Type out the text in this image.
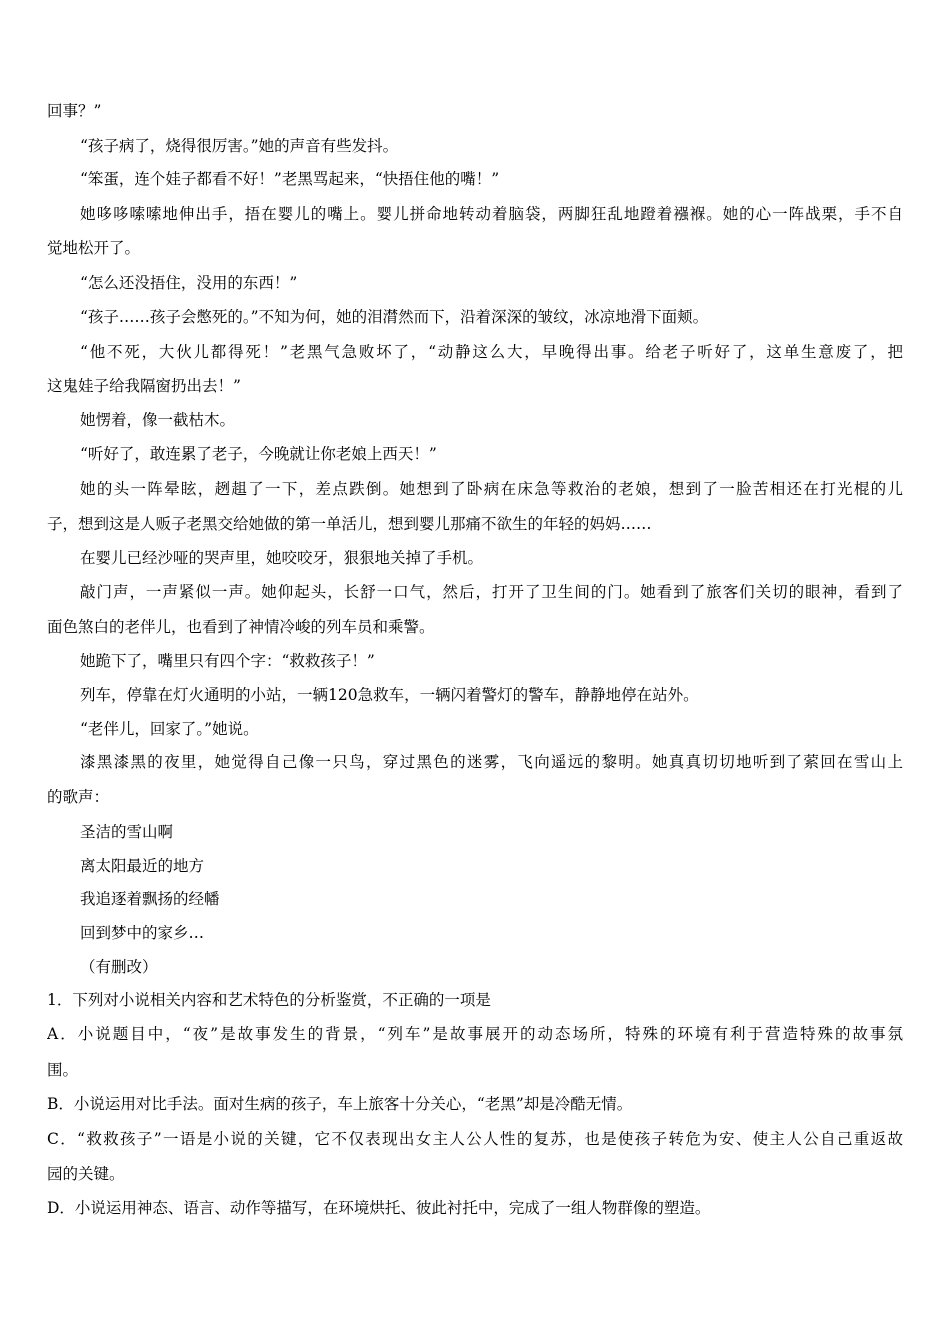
回事？”
“孩子病了，烧得很厉害。”她的声音有些发抖。
“笨蛋，连个娃子都看不好！”老黑骂起来，“快捂住他的嘴！”
她哆哆嗦嗦地伸出手，捂在婴儿的嘴上。婴儿拼命地转动着脑袋，两脚狂乱地蹬着襁褓。她的心一阵战栗，手不自
觉地松开了。
“怎么还没捂住，没用的东西！”
“孩子……孩子会憋死的。”不知为何，她的泪潸然而下，沿着深深的皱纹，冰凉地滑下面颊。
“他不死，大伙儿都得死！”老黑气急败坏了，“动静这么大，早晚得出事。给老子听好了，这单生意废了，把
这鬼娃子给我隔窗扔出去！”
她愣着，像一截枯木。
“听好了，敢连累了老子，今晚就让你老娘上西天！”
她的头一阵晕眩，趔趄了一下，差点跌倒。她想到了卧病在床急等救治的老娘，想到了一脸苦相还在打光棍的儿
子，想到这是人贩子老黑交给她做的第一单活儿，想到婴儿那痛不欲生的年轻的妈妈……
在婴儿已经沙哑的哭声里，她咬咬牙，狠狠地关掉了手机。
敲门声，一声紧似一声。她仰起头，长舒一口气，然后，打开了卫生间的门。她看到了旅客们关切的眼神，看到了
面色煞白的老伴儿，也看到了神情冷峻的列车员和乘警。
她跪下了，嘴里只有四个字：“救救孩子！”
列车，停靠在灯火通明的小站，一辆120急救车，一辆闪着警灯的警车，静静地停在站外。
“老伴儿，回家了。”她说。
漆黑漆黑的夜里，她觉得自己像一只鸟，穿过黑色的迷雾，飞向遥远的黎明。她真真切切地听到了萦回在雪山上
的歌声：
圣洁的雪山啊
离太阳最近的地方
我追逐着飘扬的经幡
回到梦中的家乡…
（有删改）
1．下列对小说相关内容和艺术特色的分析鉴赏，不正确的一项是
A．小说题目中，“夜”是故事发生的背景，“列车”是故事展开的动态场所，特殊的环境有利于营造特殊的故事氛
围。
B．小说运用对比手法。面对生病的孩子，车上旅客十分关心，“老黑”却是冷酷无情。
C．“救救孩子”一语是小说的关键，它不仅表现出女主人公人性的复苏，也是使孩子转危为安、使主人公自己重返故
园的关键。
D．小说运用神态、语言、动作等描写，在环境烘托、彼此衬托中，完成了一组人物群像的塑造。
